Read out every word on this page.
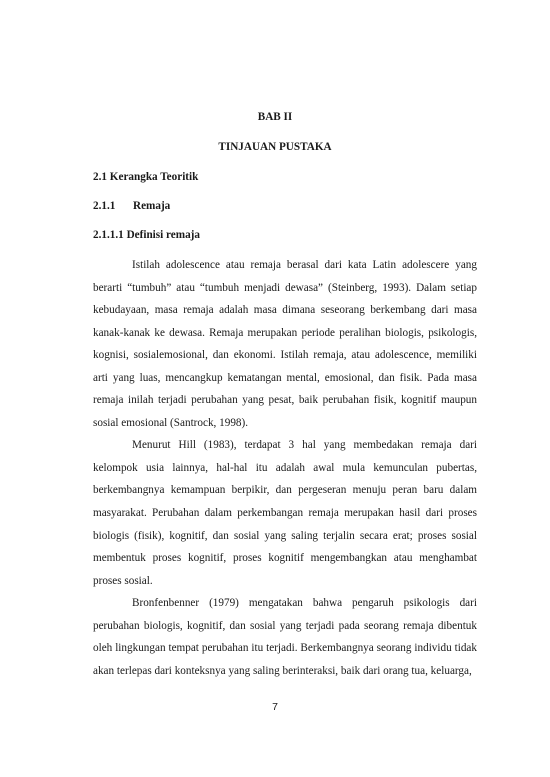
BAB II
TINJAUAN PUSTAKA
2.1 Kerangka Teoritik
2.1.1 Remaja
2.1.1.1 Definisi remaja

Istilah adolescence atau remaja berasal dari kata Latin adolescere yang berarti “tumbuh” atau “tumbuh menjadi dewasa” (Steinberg, 1993). Dalam setiap kebudayaan, masa remaja adalah masa dimana seseorang berkembang dari masa kanak-kanak ke dewasa. Remaja merupakan periode peralihan biologis, psikologis, kognisi, sosialemosional, dan ekonomi. Istilah remaja, atau adolescence, memiliki arti yang luas, mencangkup kematangan mental, emosional, dan fisik. Pada masa remaja inilah terjadi perubahan yang pesat, baik perubahan fisik, kognitif maupun sosial emosional (Santrock, 1998).

Menurut Hill (1983), terdapat 3 hal yang membedakan remaja dari kelompok usia lainnya, hal-hal itu adalah awal mula kemunculan pubertas, berkembangnya kemampuan berpikir, dan pergeseran menuju peran baru dalam masyarakat. Perubahan dalam perkembangan remaja merupakan hasil dari proses biologis (fisik), kognitif, dan sosial yang saling terjalin secara erat; proses sosial membentuk proses kognitif, proses kognitif mengembangkan atau menghambat proses sosial.

Bronfenbenner (1979) mengatakan bahwa pengaruh psikologis dari perubahan biologis, kognitif, dan sosial yang terjadi pada seorang remaja dibentuk oleh lingkungan tempat perubahan itu terjadi. Berkembangnya seorang individu tidak akan terlepas dari konteksnya yang saling berinteraksi, baik dari orang tua, keluarga,

7
